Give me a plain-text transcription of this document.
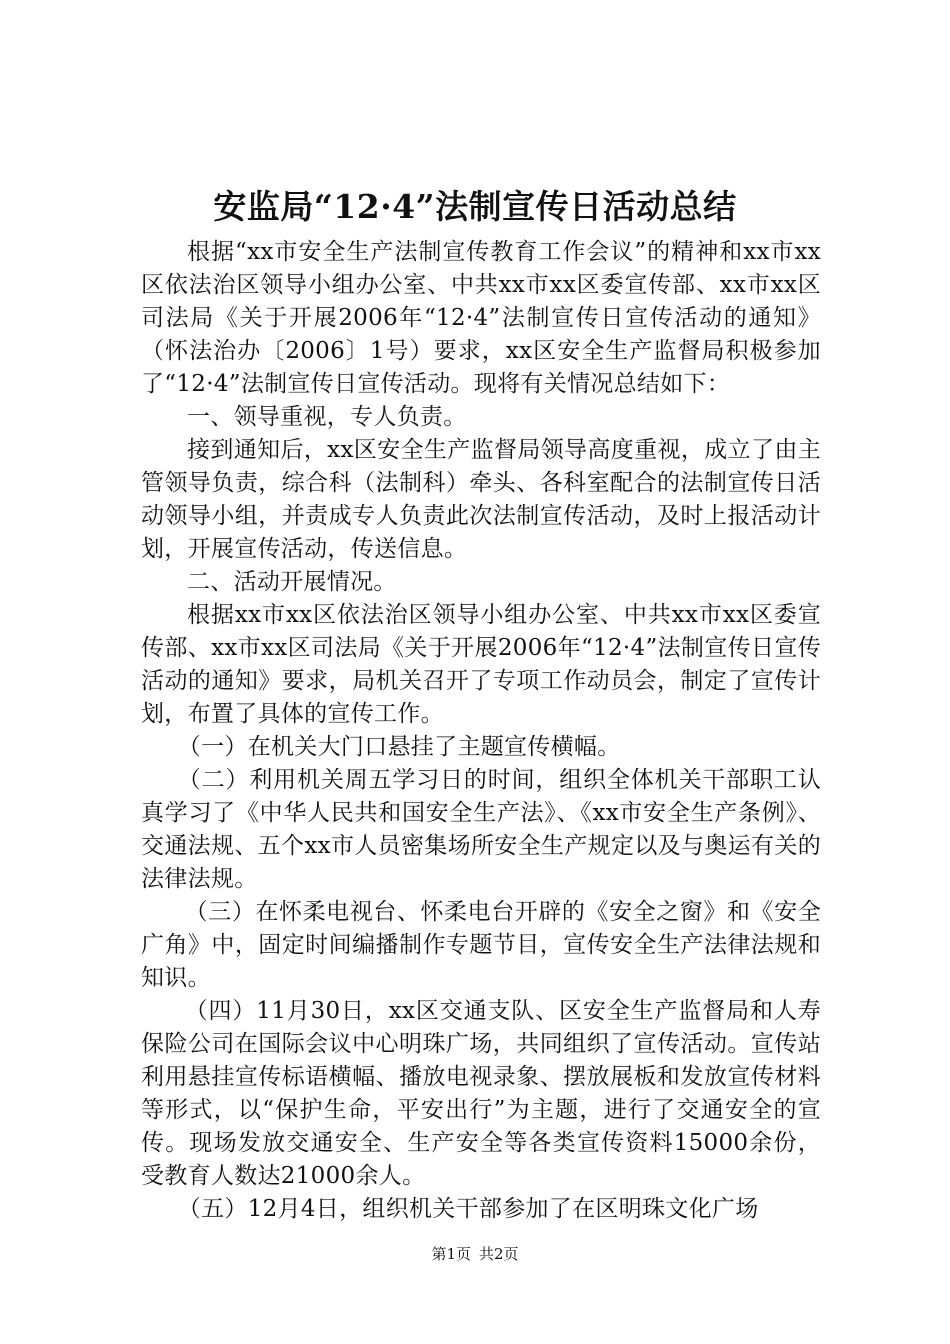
安监局“12·4”法制宣传日活动总结

根据“xx市安全生产法制宣传教育工作会议”的精神和xx市xx区依法治区领导小组办公室、中共xx市xx区委宣传部、xx市xx区司法局《关于开展2006年“12·4”法制宣传日宣传活动的通知》（怀法治办〔2006〕1号）要求，xx区安全生产监督局积极参加了“12·4”法制宣传日宣传活动。现将有关情况总结如下：

一、领导重视，专人负责。

接到通知后，xx区安全生产监督局领导高度重视，成立了由主管领导负责，综合科（法制科）牵头、各科室配合的法制宣传日活动领导小组，并责成专人负责此次法制宣传活动，及时上报活动计划，开展宣传活动，传送信息。

二、活动开展情况。

根据xx市xx区依法治区领导小组办公室、中共xx市xx区委宣传部、xx市xx区司法局《关于开展2006年“12·4”法制宣传日宣传活动的通知》要求，局机关召开了专项工作动员会，制定了宣传计划，布置了具体的宣传工作。

（一）在机关大门口悬挂了主题宣传横幅。

（二）利用机关周五学习日的时间，组织全体机关干部职工认真学习了《中华人民共和国安全生产法》、《xx市安全生产条例》、交通法规、五个xx市人员密集场所安全生产规定以及与奥运有关的法律法规。

（三）在怀柔电视台、怀柔电台开辟的《安全之窗》和《安全广角》中，固定时间编播制作专题节目，宣传安全生产法律法规和知识。

（四）11月30日，xx区交通支队、区安全生产监督局和人寿保险公司在国际会议中心明珠广场，共同组织了宣传活动。宣传站利用悬挂宣传标语横幅、播放电视录象、摆放展板和发放宣传材料等形式，以“保护生命，平安出行”为主题，进行了交通安全的宣传。现场发放交通安全、生产安全等各类宣传资料15000余份，受教育人数达21000余人。

（五）12月4日，组织机关干部参加了在区明珠文化广场

第1页 共2页
